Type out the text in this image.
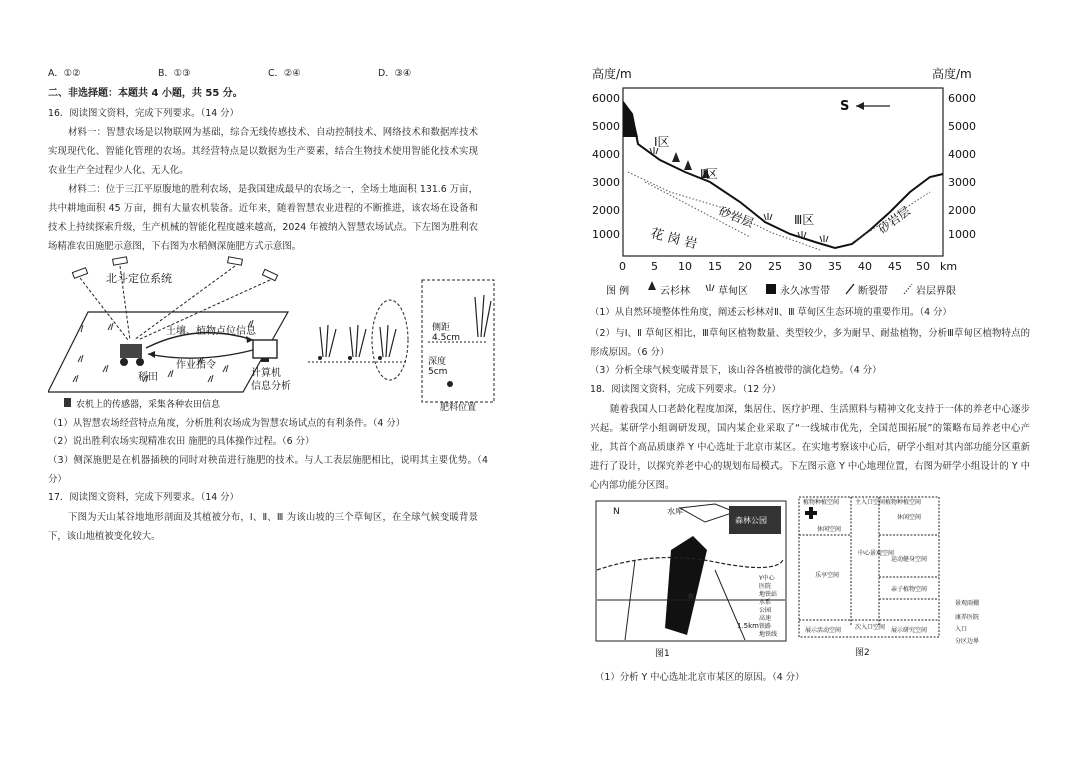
A．①②	B．①③	C．②④	D．③④
二、非选择题：本题共 4 小题，共 55 分。
16．阅读图文资料，完成下列要求。（14 分）
材料一：智慧农场是以物联网为基础，综合无线传感技术、自动控制技术、网络技术和数据库技术实现现代化、智能化管理的农场。其经营特点是以数据为生产要素，结合生物技术使用智能化技术实现农业生产全过程少人化、无人化。
材料二：位于三江平原腹地的胜利农场，是我国建成最早的农场之一，全场土地面积 131.6 万亩，共中耕地面积 45 万亩，拥有大量农机装备。近年来，随着智慧农业进程的不断推进，该农场在设备和技术上持续探索升级，生产机械的智能化程度越来越高，2024 年被纳入智慧农场试点。下左图为胜利农场精准农田施肥示意图，下右图为水稻侧深施肥方式示意图。
北斗定位系统
土壤、植物点位信息
作业指令
稻田	计算机
信息分析
农机上的传感器，采集各种农田信息
侧距
4.5cm
深度
5cm
肥料位置
（1）从智慧农场经营特点角度，分析胜利农场成为智慧农场试点的有利条件。（4 分）
（2）说出胜利农场实现精准农田 施肥的具体操作过程。（6 分）
（3）侧深施肥是在机器插秧的同时对秧苗进行施肥的技术。与人工表层施肥相比，说明其主要优势。（4 分）
17．阅读图文资料，完成下列要求。（14 分）
下图为天山某谷地地形剖面及其植被分布，Ⅰ、Ⅱ、Ⅲ 为该山坡的三个草甸区，在全球气候变暖背景下，该山地植被变化较大。
高度/m	高度/m
6000
5000
4000
3000
2000
1000
6000
5000
4000
3000
2000
1000
0 5 10 15 20 25 30 35 40 45 50 km
S
Ⅰ区
Ⅱ区
Ⅲ区
花 岗 岩
砂岩层	砂岩层
图 例	云杉林	草甸区	永久冰雪带	断裂带	岩层界限
（1）从自然环境整体性角度，阐述云杉林对Ⅱ、Ⅲ 草甸区生态环境的重要作用。（4 分）
（2）与Ⅰ、Ⅱ 草甸区相比，Ⅲ草甸区植物数量、类型较少，多为耐旱、耐盐植物，分析Ⅲ草甸区植物特点的形成原因。（6 分）
（3）分析全球气候变暖背景下，该山谷各植被带的演化趋势。（4 分）
18．阅读图文资料，完成下列要求。（12 分）
随着我国人口老龄化程度加深，集居住、医疗护理、生活照料与精神文化支持于一体的养老中心逐步兴起。某研学小组调研发现，国内某企业采取了“一线城市优先，全国范围拓展”的策略布局养老中心产业，其首个高品质康养 Y 中心选址于北京市某区。在实地考察该中心后，研学小组对其内部功能分区重新进行了设计，以探究养老中心的规划布局模式。下左图示意 Y 中心地理位置，右图为研学小组设计的 Y 中心内部功能分区图。
水库
森林公园
N
1.5km
图1
Y中心
医院
地铁站
水系
公园
高速
铁路
地铁线
植物种植空间	主入口空间 植物种植空间
休闲空间
休闲空间
中心景观空间
乐享空间
运动健身空间
亲子植物空间
展示活动空间 次入口空间 展示研究空间
图2
景观雨棚
康养医院
入口
分区边界
（1）分析 Y 中心选址北京市某区的原因。（4 分）
